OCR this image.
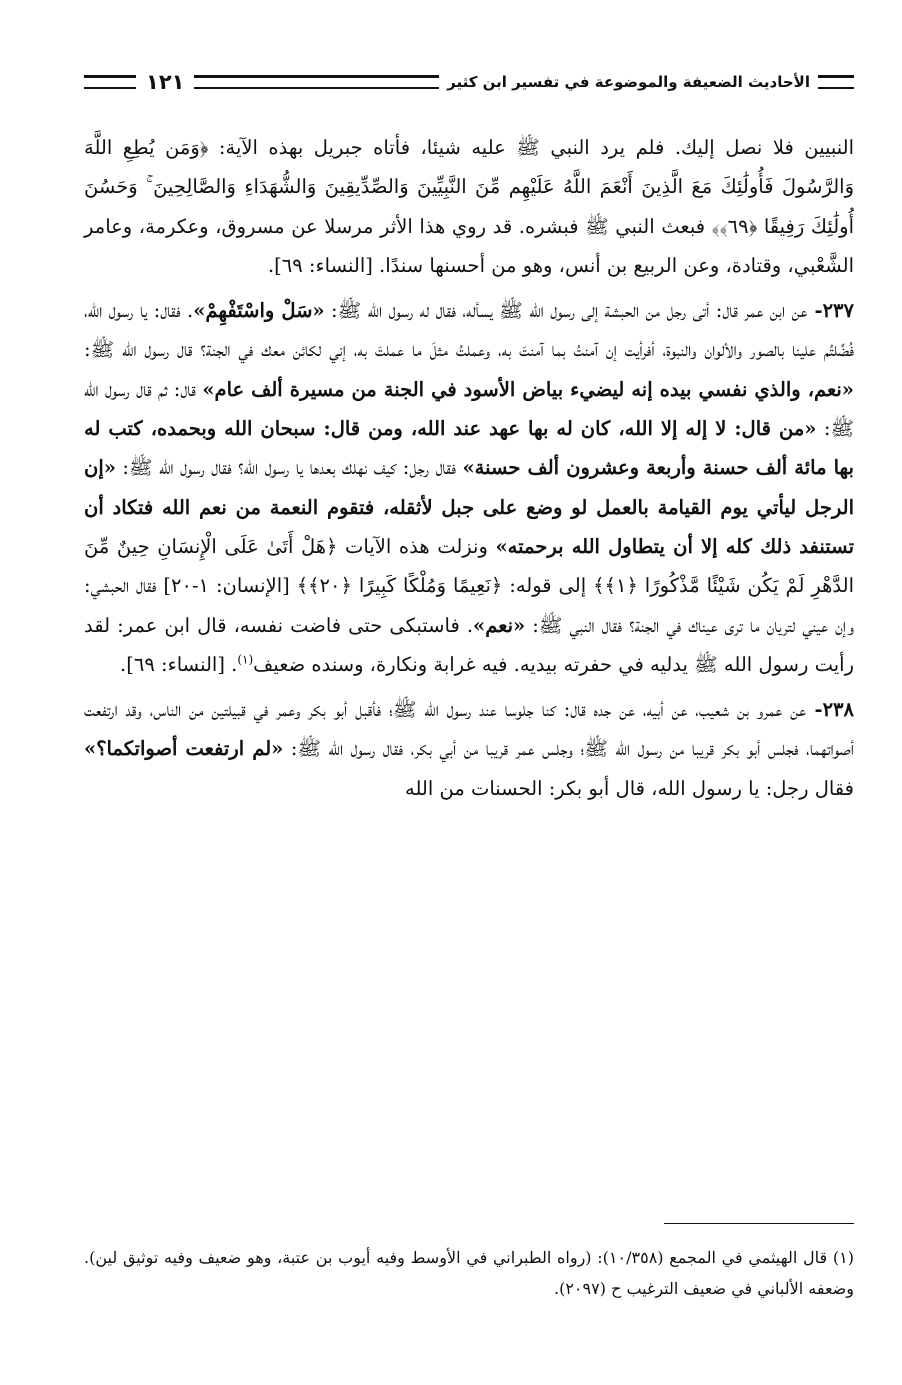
الأحاديث الضعيفة والموضوعة في تفسير ابن كثير
١٢١

النبيين فلا نصل إليك. فلم يرد النبي ﷺ عليه شيئا، فأتاه جبريل بهذه الآية: ﴿وَمَن يُطِعِ اللَّهَ وَالرَّسُولَ فَأُولَٰئِكَ مَعَ الَّذِينَ أَنْعَمَ اللَّهُ عَلَيْهِم مِّنَ النَّبِيِّينَ وَالصِّدِّيقِينَ وَالشُّهَدَاءِ وَالصَّالِحِينَ ۚ وَحَسُنَ أُولَٰئِكَ رَفِيقًا ﴿٦٩﴾﴾ فبعث النبي ﷺ فبشره. قد روي هذا الأثر مرسلا عن مسروق، وعكرمة، وعامر الشَّعْبي، وقتادة، وعن الربيع بن أنس، وهو من أحسنها سندًا. [النساء: ٦٩].

٢٣٧- عن ابن عمر قال: أتى رجل من الحبشة إلى رسول الله ﷺ يسأله، فقال له رسول الله ﷺ: «سَلْ واسْتَفْهِمْ». فقال: يا رسول الله، فُضِّلتُم علينا بالصور والألوان والنبوة، أفرأيت إن آمنتُ بما آمنتَ به، وعملتُ مثلَ ما عملتَ به، إني لكائن معك في الجنة؟ قال رسول الله ﷺ: «نعم، والذي نفسي بيده إنه ليضيء بياض الأسود في الجنة من مسيرة ألف عام» قال: ثم قال رسول الله ﷺ: «من قال: لا إله إلا الله، كان له بها عهد عند الله، ومن قال: سبحان الله وبحمده، كتب له بها مائة ألف حسنة وأربعة وعشرون ألف حسنة» فقال رجل: كيف نهلك بعدها يا رسول الله؟ فقال رسول الله ﷺ: «إن الرجل ليأتي يوم القيامة بالعمل لو وضع على جبل لأثقله، فتقوم النعمة من نعم الله فتكاد أن تستنفد ذلك كله إلا أن يتطاول الله برحمته» ونزلت هذه الآيات ﴿هَلْ أَتَىٰ عَلَى الْإِنسَانِ حِينٌ مِّنَ الدَّهْرِ لَمْ يَكُن شَيْئًا مَّذْكُورًا ﴿١﴾﴾ إلى قوله: ﴿نَعِيمًا وَمُلْكًا كَبِيرًا ﴿٢٠﴾﴾ [الإنسان: ١-٢٠] فقال الحبشي: وإن عيني لتريان ما ترى عيناك في الجنة؟ فقال النبي ﷺ: «نعم». فاستبكى حتى فاضت نفسه، قال ابن عمر: لقد رأيت رسول الله ﷺ يدليه في حفرته بيديه. فيه غرابة ونكارة، وسنده ضعيف$^{(١)}$. [النساء: ٦٩].

٢٣٨- عن عمرو بن شعيب، عن أبيه، عن جده قال: كنا جلوسا عند رسول الله ﷺ؛ فأقبل أبو بكر وعمر في قبيلتين من الناس، وقد ارتفعت أصواتهما، فجلس أبو بكر قريبا من رسول الله ﷺ؛ وجلس عمر قريبا من أبي بكر، فقال رسول الله ﷺ: «لم ارتفعت أصواتكما؟» فقال رجل: يا رسول الله، قال أبو بكر: الحسنات من الله

(١) قال الهيثمي في المجمع (١٠/٣٥٨): (رواه الطبراني في الأوسط وفيه أيوب بن عتبة، وهو ضعيف وفيه توثيق لين). وضعفه الألباني في ضعيف الترغيب ح (٢٠٩٧).
